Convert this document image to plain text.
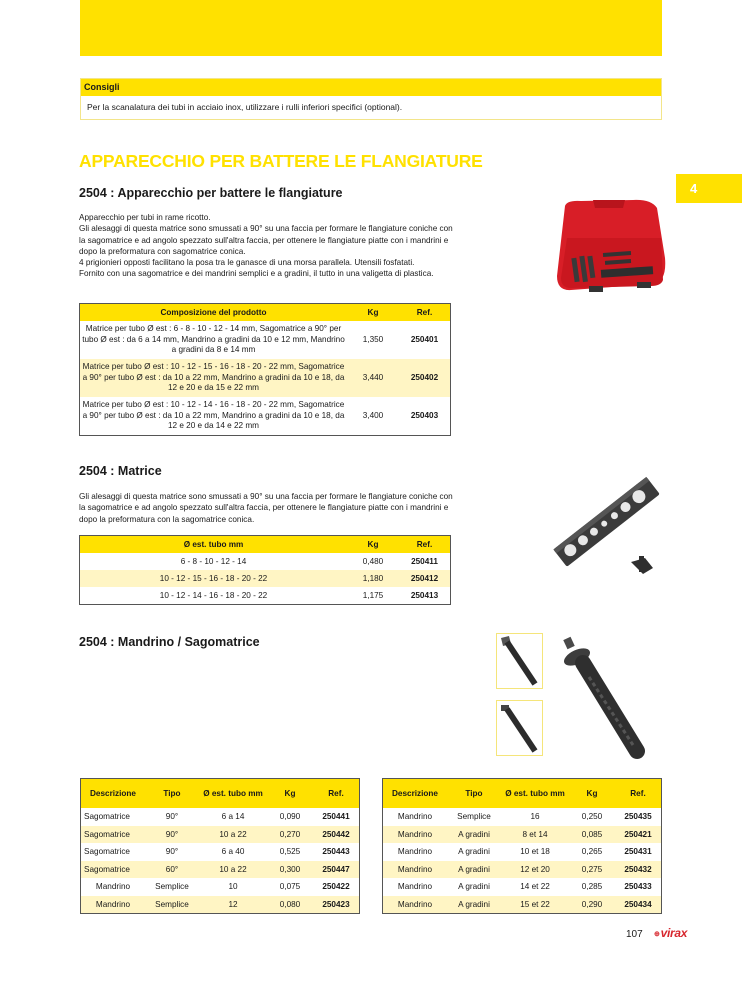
Consigli
Per la scanalatura dei tubi in acciaio inox, utilizzare i rulli inferiori specifici (optional).
APPARECCHIO PER BATTERE LE FLANGIATURE
4
2504 : Apparecchio per battere le flangiature
Apparecchio per tubi in rame ricotto.
Gli alesaggi di questa matrice sono smussati a 90° su una faccia per formare le flangiature coniche con la sagomatrice e ad angolo spezzato sull'altra faccia, per ottenere le flangiature piatte con i mandrini e dopo la preformatura con sagomatrice conica.
4 prigionieri opposti facilitano la posa tra le ganasce di una morsa parallela. Utensili fosfatati.
Fornito con una sagomatrice e dei mandrini semplici e a gradini, il tutto in una valigetta di plastica.
Composizione del prodotto	Kg	Ref.
Matrice per tubo Ø est : 6 - 8 - 10 - 12 - 14 mm, Sagomatrice a 90° per tubo Ø est : da 6 a 14 mm, Mandrino a gradini da 10 e 12 mm, Mandrino a gradini da 8 e 14 mm	1,350	250401
Matrice per tubo Ø est : 10 - 12 - 15 - 16 - 18 - 20 - 22 mm, Sagomatrice a 90° per tubo Ø est : da 10 a 22 mm, Mandrino a gradini da 10 e 18, da 12 e 20 e da 15 e 22 mm	3,440	250402
Matrice per tubo Ø est : 10 - 12 - 14 - 16 - 18 - 20 - 22 mm, Sagomatrice a 90° per tubo Ø est : da 10 a 22 mm, Mandrino a gradini da 10 e 18, da 12 e 20 e da 14 e 22 mm	3,400	250403
2504 : Matrice
Gli alesaggi di questa matrice sono smussati a 90° su una faccia per formare le flangiature coniche con la sagomatrice e ad angolo spezzato sull'altra faccia, per ottenere le flangiature piatte con i mandrini e dopo la preformatura con la sagomatrice conica.
Ø est. tubo mm	Kg	Ref.
6 - 8 - 10 - 12 - 14	0,480	250411
10 - 12 - 15 - 16 - 18 - 20 - 22	1,180	250412
10 - 12 - 14 - 16 - 18 - 20 - 22	1,175	250413
2504 : Mandrino / Sagomatrice
Descrizione	Tipo	Ø est. tubo mm	Kg	Ref.
Sagomatrice	90°	6 a 14	0,090	250441
Sagomatrice	90°	10 a 22	0,270	250442
Sagomatrice	90°	6 a 40	0,525	250443
Sagomatrice	60°	10 a 22	0,300	250447
Mandrino	Semplice	10	0,075	250422
Mandrino	Semplice	12	0,080	250423
Descrizione	Tipo	Ø est. tubo mm	Kg	Ref.
Mandrino	Semplice	16	0,250	250435
Mandrino	A gradini	8 et 14	0,085	250421
Mandrino	A gradini	10 et 18	0,265	250431
Mandrino	A gradini	12 et 20	0,275	250432
Mandrino	A gradini	14 et 22	0,285	250433
Mandrino	A gradini	15 et 22	0,290	250434
107 ⊕virax
